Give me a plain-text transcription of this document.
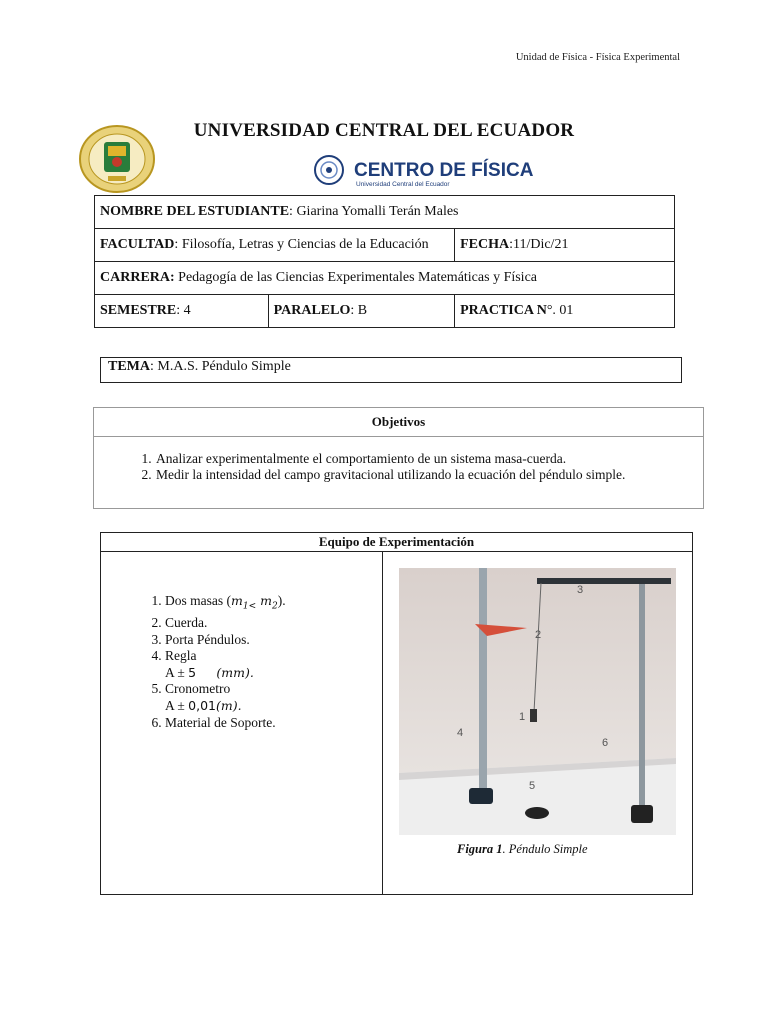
Unidad de Física - Física Experimental
UNIVERSIDAD CENTRAL DEL ECUADOR
CENTRO DE FÍSICA
Universidad Central del Ecuador
NOMBRE DEL ESTUDIANTE: Giarina Yomalli Terán Males		
FACULTAD: Filosofía, Letras y Ciencias de la Educación		FECHA:11/Dic/21
CARRERA: Pedagogía de las Ciencias Experimentales Matemáticas y Física		
SEMESTRE: 4	PARALELO: B	PRACTICA N°. 01
TEMA: M.A.S. Péndulo Simple
Objetivos
1. Analizar experimentalmente el comportamiento de un sistema masa-cuerda.
2. Medir la intensidad del campo gravitacional utilizando la ecuación del péndulo simple.
Equipo de Experimentación
1. Dos masas ($m_{1<}$ $m_2$).
2. Cuerda.
3. Porta Péndulos.
4. Regla
A ± 5 (mm).
5. Cronometro
A ± 0,01(m).
6. Material de Soporte.
3
2
1
4
6
5
Figura 1. Péndulo Simple
